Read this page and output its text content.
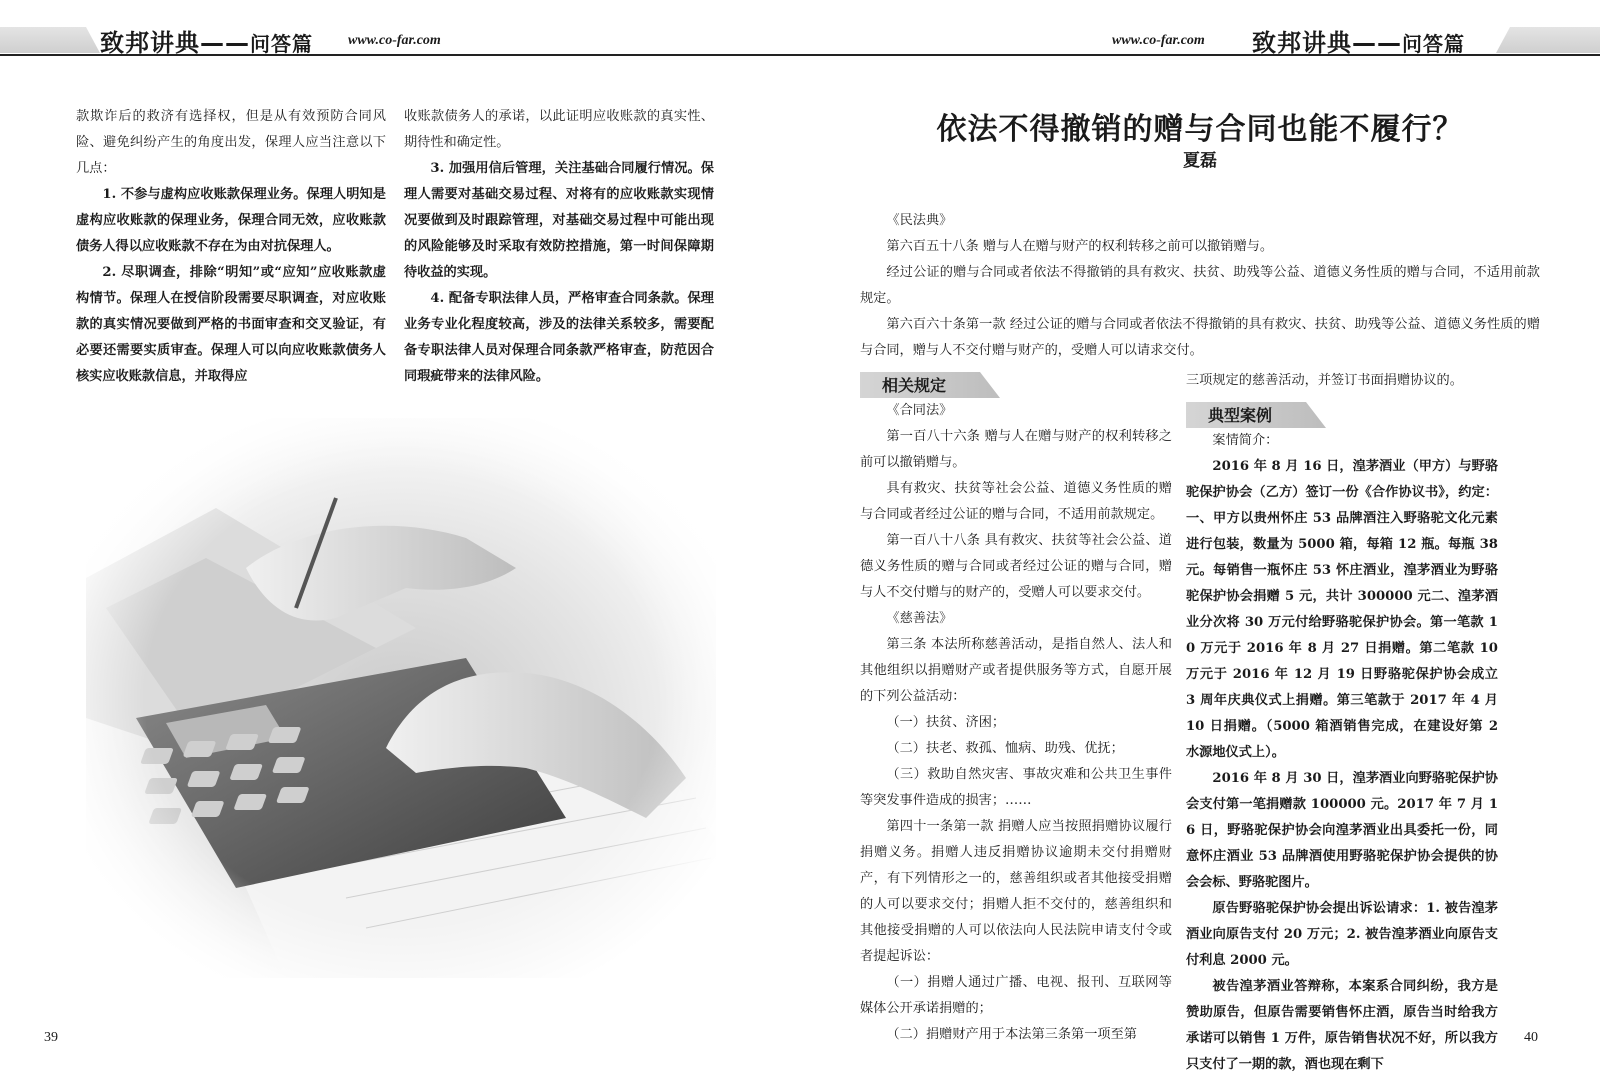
致邦讲典——问答篇	www.co-far.com

款欺诈后的救济有选择权，但是从有效预防合同风险、避免纠纷产生的角度出发，保理人应当注意以下几点：

1. 不参与虚构应收账款保理业务。保理人明知是虚构应收账款的保理业务，保理合同无效，应收账款债务人得以应收账款不存在为由对抗保理人。

2. 尽职调查，排除“明知”或“应知”应收账款虚构情节。保理人在授信阶段需要尽职调查，对应收账款的真实情况要做到严格的书面审查和交叉验证，有必要还需要实质审查。保理人可以向应收账款债务人核实应收账款信息，并取得应

收账款债务人的承诺，以此证明应收账款的真实性、期待性和确定性。

3. 加强用信后管理，关注基础合同履行情况。保理人需要对基础交易过程、对将有的应收账款实现情况要做到及时跟踪管理，对基础交易过程中可能出现的风险能够及时采取有效防控措施，第一时间保障期待收益的实现。

4. 配备专职法律人员，严格审查合同条款。保理业务专业化程度较高，涉及的法律关系较多，需要配备专职法律人员对保理合同条款严格审查，防范因合同瑕疵带来的法律风险。

39
www.co-far.com 致邦讲典——问答篇
依法不得撤销的赠与合同也能不履行？
夏磊

《民法典》

第六百五十八条 赠与人在赠与财产的权利转移之前可以撤销赠与。

经过公证的赠与合同或者依法不得撤销的具有救灾、扶贫、助残等公益、道德义务性质的赠与合同，不适用前款规定。

第六百六十条第一款 经过公证的赠与合同或者依法不得撤销的具有救灾、扶贫、助残等公益、道德义务性质的赠与合同，赠与人不交付赠与财产的，受赠人可以请求交付。

相关规定

《合同法》

第一百八十六条 赠与人在赠与财产的权利转移之前可以撤销赠与。

具有救灾、扶贫等社会公益、道德义务性质的赠与合同或者经过公证的赠与合同，不适用前款规定。

第一百八十八条 具有救灾、扶贫等社会公益、道德义务性质的赠与合同或者经过公证的赠与合同，赠与人不交付赠与的财产的，受赠人可以要求交付。

《慈善法》

第三条 本法所称慈善活动，是指自然人、法人和其他组织以捐赠财产或者提供服务等方式，自愿开展的下列公益活动：

（一）扶贫、济困；

（二）扶老、救孤、恤病、助残、优抚；

（三）救助自然灾害、事故灾难和公共卫生事件等突发事件造成的损害；……

第四十一条第一款 捐赠人应当按照捐赠协议履行捐赠义务。捐赠人违反捐赠协议逾期未交付捐赠财产，有下列情形之一的，慈善组织或者其他接受捐赠的人可以要求交付；捐赠人拒不交付的，慈善组织和其他接受捐赠的人可以依法向人民法院申请支付令或者提起诉讼：

（一）捐赠人通过广播、电视、报刊、互联网等媒体公开承诺捐赠的；

（二）捐赠财产用于本法第三条第一项至第

三项规定的慈善活动，并签订书面捐赠协议的。

典型案例

案情简介：

2016 年 8 月 16 日，湟茅酒业（甲方）与野骆驼保护协会（乙方）签订一份《合作协议书》，约定：一、甲方以贵州怀庄 53 品牌酒注入野骆驼文化元素进行包装，数量为 5000 箱，每箱 12 瓶。每瓶 38 元。每销售一瓶怀庄 53 怀庄酒业，湟茅酒业为野骆驼保护协会捐赠 5 元，共计 300000 元二、湟茅酒业分次将 30 万元付给野骆驼保护协会。第一笔款 10 万元于 2016 年 8 月 27 日捐赠。第二笔款 10 万元于 2016 年 12 月 19 日野骆驼保护协会成立 3 周年庆典仪式上捐赠。第三笔款于 2017 年 4 月 10 日捐赠。（5000 箱酒销售完成，在建设好第 2 水源地仪式上）。

2016 年 8 月 30 日，湟茅酒业向野骆驼保护协会支付第一笔捐赠款 100000 元。2017 年 7 月 16 日，野骆驼保护协会向湟茅酒业出具委托一份，同意怀庄酒业 53 品牌酒使用野骆驼保护协会提供的协会会标、野骆驼图片。

原告野骆驼保护协会提出诉讼请求：1. 被告湟茅酒业向原告支付 20 万元；2. 被告湟茅酒业向原告支付利息 2000 元。

被告湟茅酒业答辩称，本案系合同纠纷，我方是赞助原告，但原告需要销售怀庄酒，原告当时给我方承诺可以销售 1 万件，原告销售状况不好，所以我方只支付了一期的款，酒也现在剩下

40
